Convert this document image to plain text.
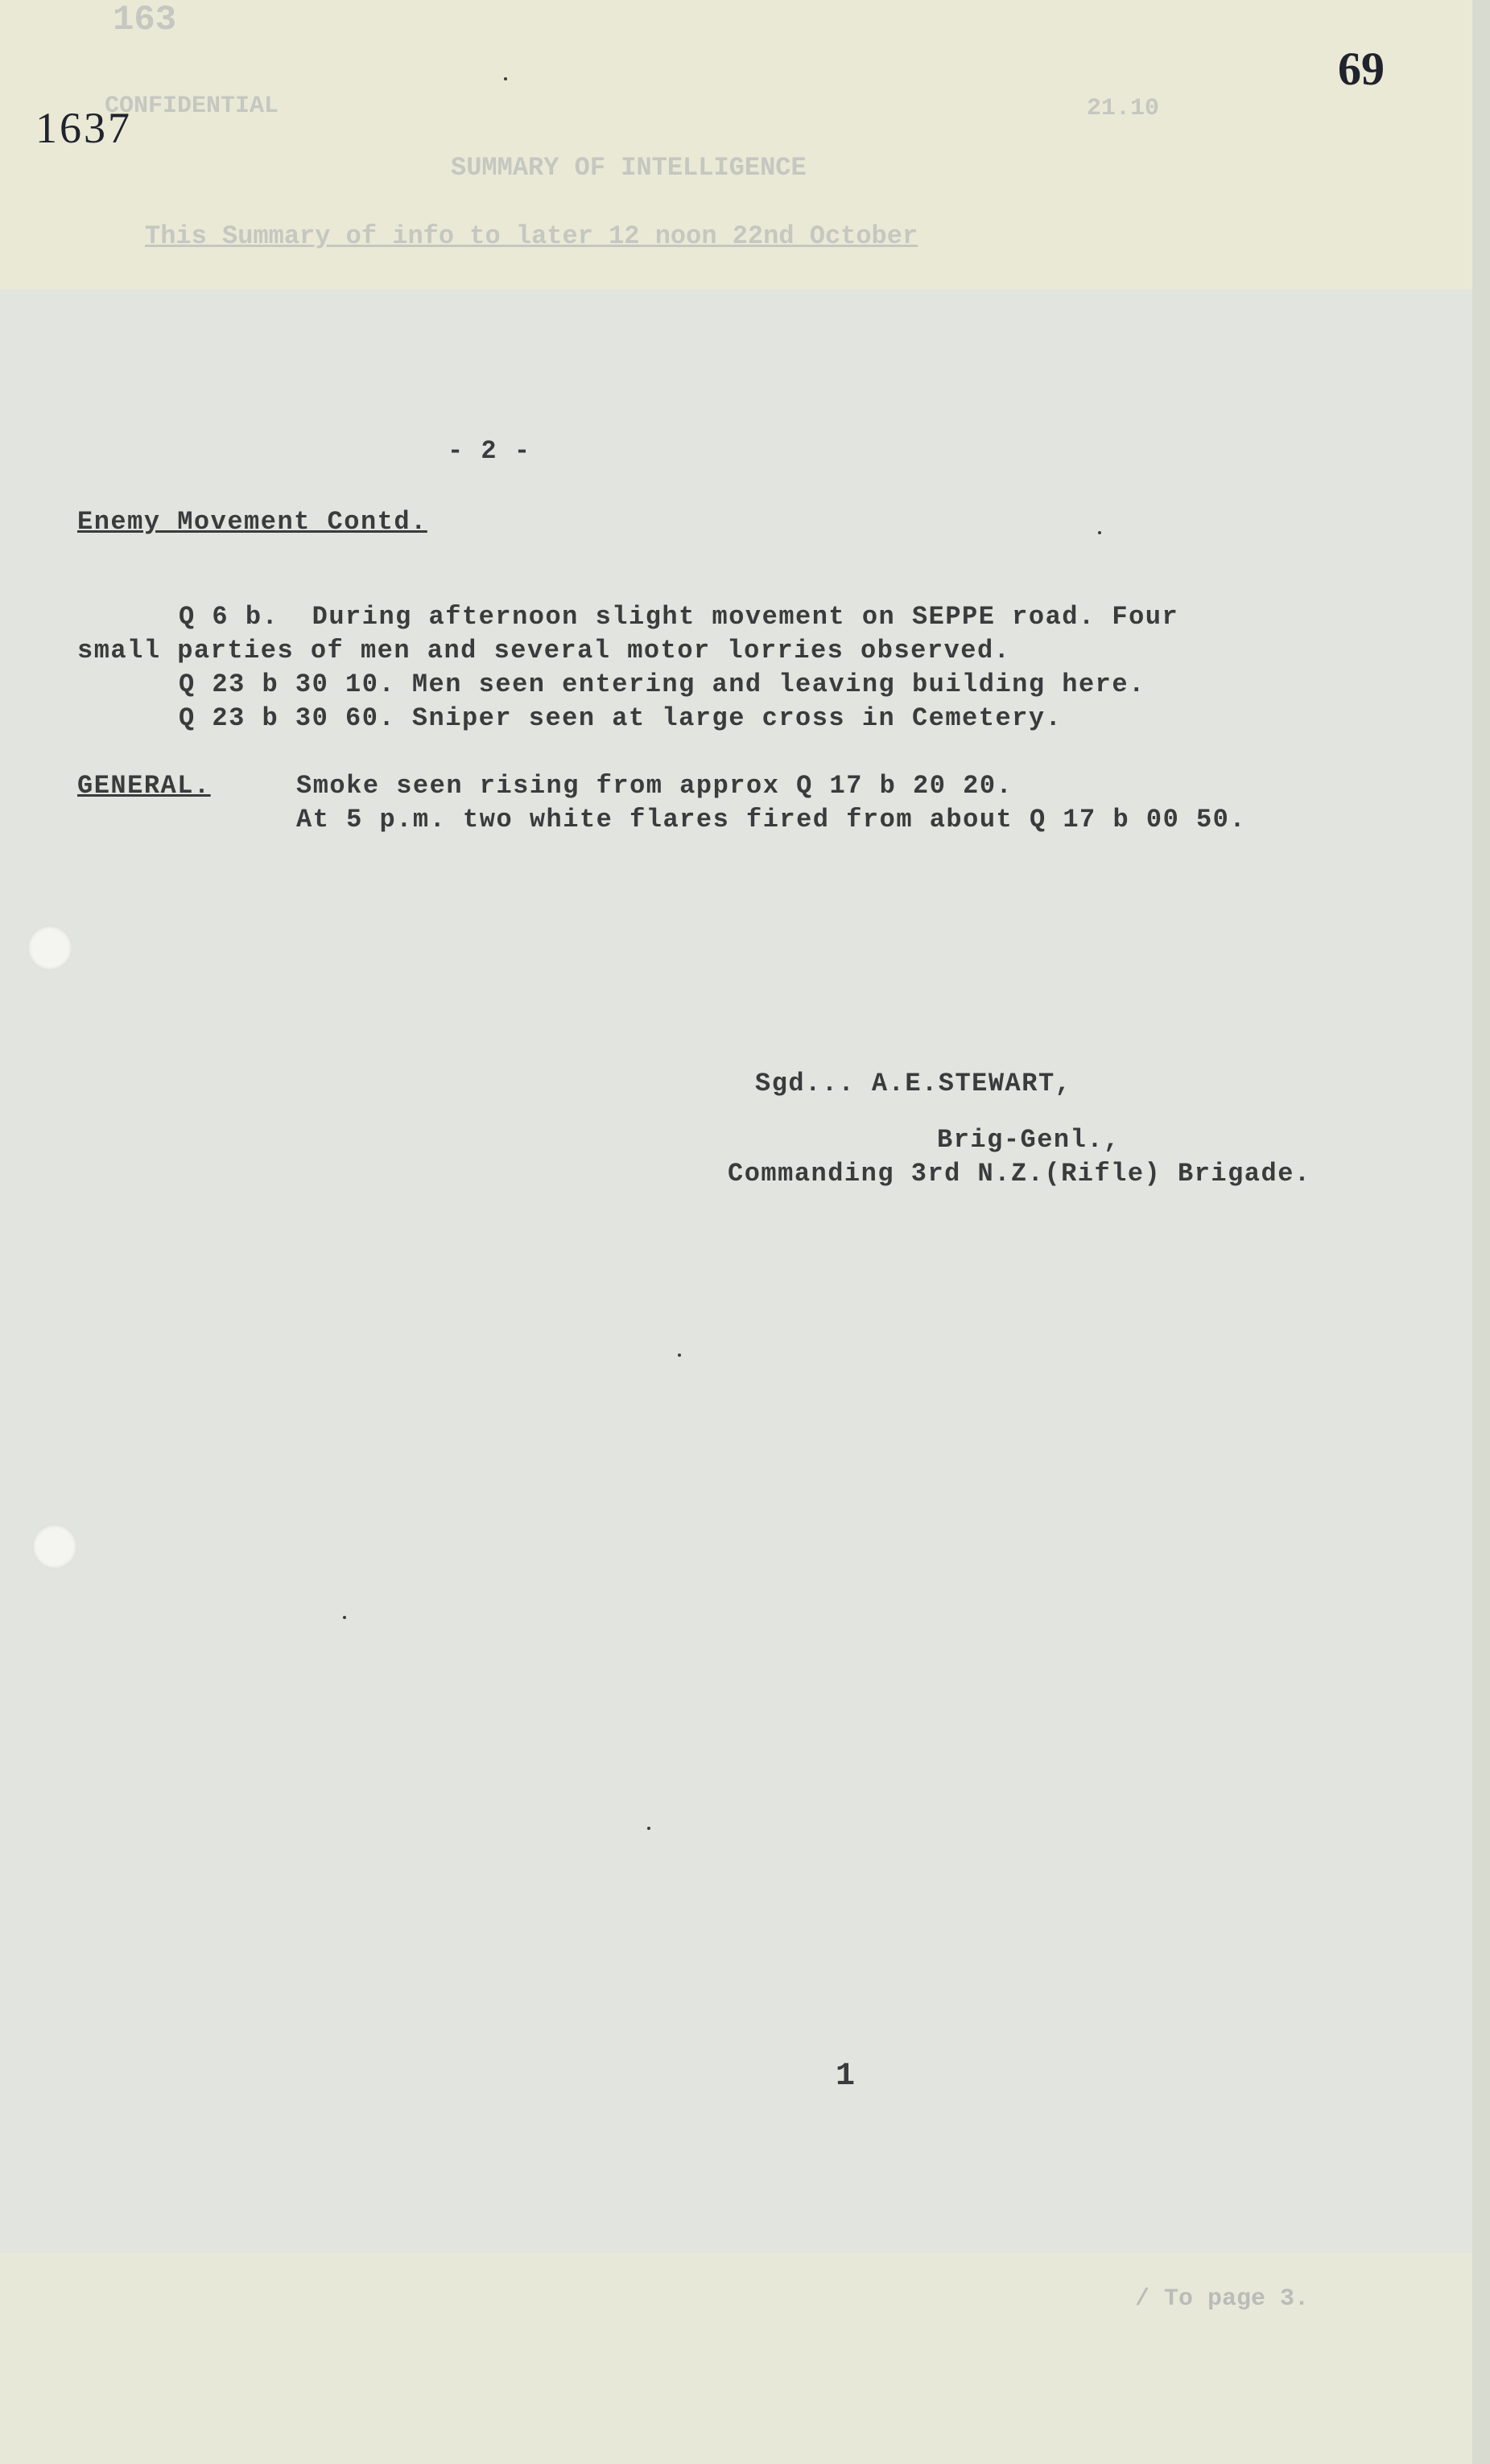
163
CONFIDENTIAL	21.10
SUMMARY OF INTELLIGENCE
This Summary of info to later 12 noon 22nd October
/ To page 3.
1637
69
- 2 -
Enemy Movement Contd.
Q 6 b.  During afternoon slight movement on SEPPE road. Four
small parties of men and several motor lorries observed.
Q 23 b 30 10. Men seen entering and leaving building here.
Q 23 b 30 60. Sniper seen at large cross in Cemetery.
GENERAL.	Smoke seen rising from approx Q 17 b 20 20.
At 5 p.m. two white flares fired from about Q 17 b 00 50.
Sgd... A.E.STEWART,
Brig-Genl.,
Commanding 3rd N.Z.(Rifle) Brigade.
1
